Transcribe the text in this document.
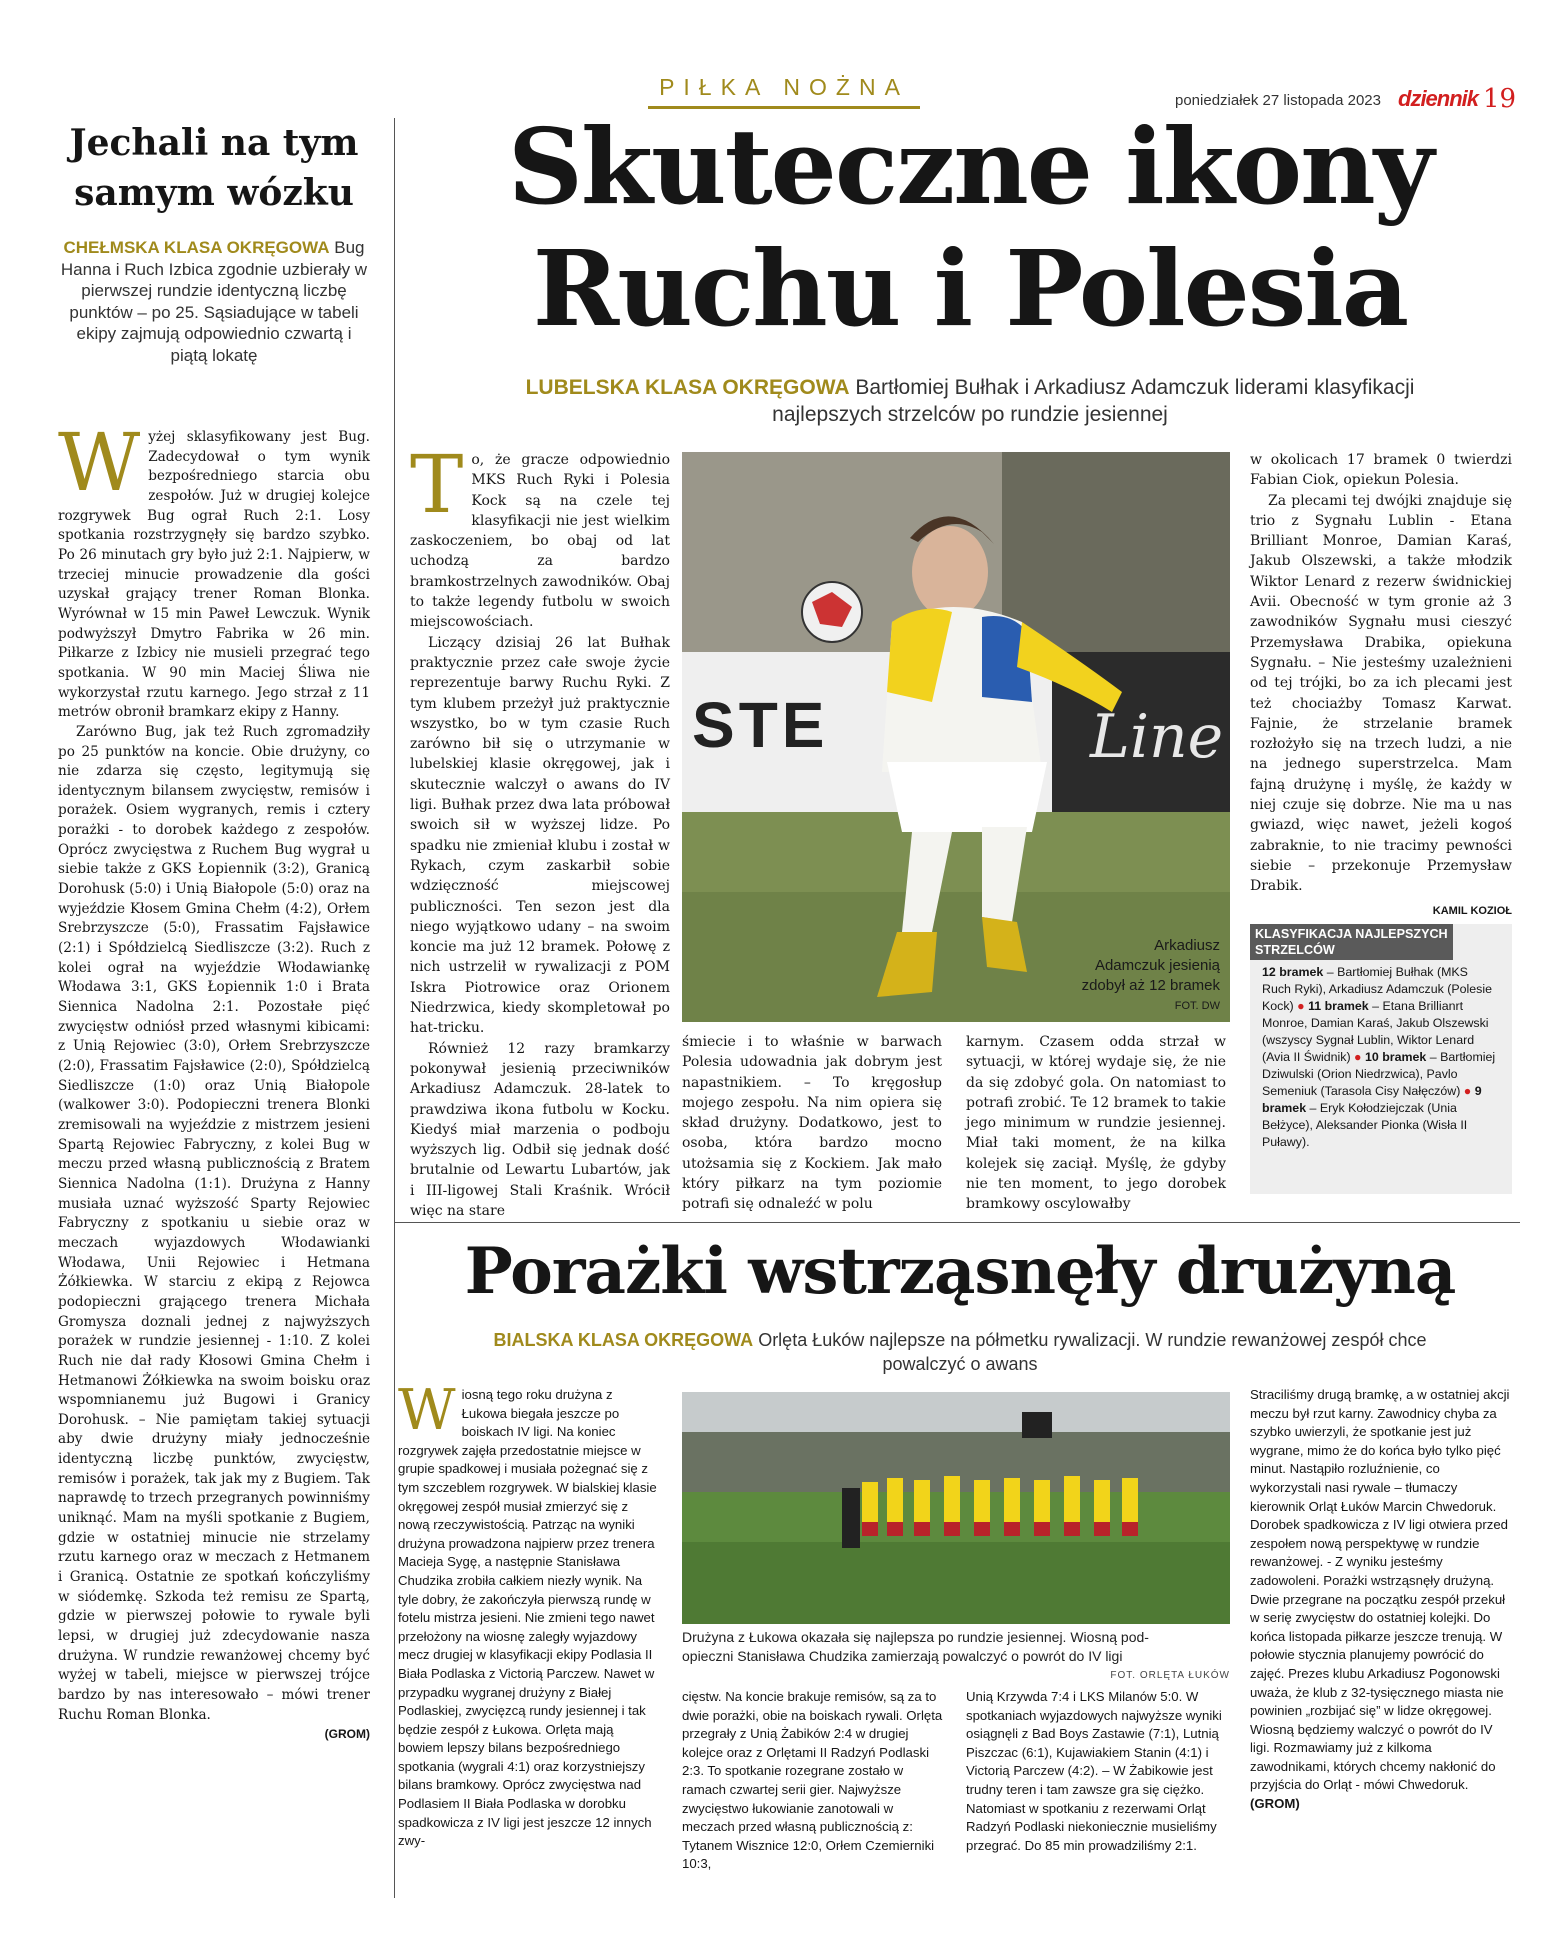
PIŁKA NOŻNA
poniedziałek 27 listopada 2023 dziennik 19
Jechali na tym samym wózku
CHEŁMSKA KLASA OKRĘGOWA Bug Hanna i Ruch Izbica zgodnie uzbierały w pierwszej rundzie identyczną liczbę punktów – po 25. Sąsiadujące w tabeli ekipy zajmują odpowiednio czwartą i piątą lokatę
W yżej sklasyfikowany jest Bug. Zadecydował o tym wynik bezpośredniego starcia obu zespołów. Już w drugiej kolejce rozgrywek Bug ograł Ruch 2:1. Losy spotkania rozstrzygnęły się bardzo szybko. Po 26 minutach gry było już 2:1. Najpierw, w trzeciej minucie prowadzenie dla gości uzyskał grający trener Roman Blonka. Wyrównał w 15 min Paweł Lewczuk. Wynik podwyższył Dmytro Fabrika w 26 min. Piłkarze z Izbicy nie musieli przegrać tego spotkania. W 90 min Maciej Śliwa nie wykorzystał rzutu karnego. Jego strzał z 11 metrów obronił bramkarz ekipy z Hanny.

Zarówno Bug, jak też Ruch zgromadziły po 25 punktów na koncie. Obie drużyny, co nie zdarza się często, legitymują się identycznym bilansem zwycięstw, remisów i porażek. Osiem wygranych, remis i cztery porażki - to dorobek każdego z zespołów. Oprócz zwycięstwa z Ruchem Bug wygrał u siebie także z GKS Łopiennik (3:2), Granicą Dorohusk (5:0) i Unią Białopole (5:0) oraz na wyjeździe Kłosem Gmina Chełm (4:2), Orłem Srebrzyszcze (5:0), Frassatim Fajsławice (2:1) i Spółdzielcą Siedliszcze (3:2). Ruch z kolei ograł na wyjeździe Włodawiankę Włodawa 3:1, GKS Łopiennik 1:0 i Brata Siennica Nadolna 2:1. Pozostałe pięć zwycięstw odniósł przed własnymi kibicami: z Unią Rejowiec (3:0), Orłem Srebrzyszcze (2:0), Frassatim Fajsławice (2:0), Spółdzielcą Siedliszcze (1:0) oraz Unią Białopole (walkower 3:0). Podopieczni trenera Blonki zremisowali na wyjeździe z mistrzem jesieni Spartą Rejowiec Fabryczny, z kolei Bug w meczu przed własną publicznością z Bratem Siennica Nadolna (1:1). Drużyna z Hanny musiała uznać wyższość Sparty Rejowiec Fabryczny z spotkaniu u siebie oraz w meczach wyjazdowych Włodawianki Włodawa, Unii Rejowiec i Hetmana Żółkiewka. W starciu z ekipą z Rejowca podopieczni grającego trenera Michała Gromysza doznali jednej z najwyższych porażek w rundzie jesiennej - 1:10. Z kolei Ruch nie dał rady Kłosowi Gmina Chełm i Hetmanowi Żółkiewka na swoim boisku oraz wspomnianemu już Bugowi i Granicy Dorohusk. – Nie pamiętam takiej sytuacji aby dwie drużyny miały jednocześnie identyczną liczbę punktów, zwycięstw, remisów i porażek, tak jak my z Bugiem. Tak naprawdę to trzech przegranych powinniśmy uniknąć. Mam na myśli spotkanie z Bugiem, gdzie w ostatniej minucie nie strzelamy rzutu karnego oraz w meczach z Hetmanem i Granicą. Ostatnie ze spotkań kończyliśmy w siódemkę. Szkoda też remisu ze Spartą, gdzie w pierwszej połowie to rywale byli lepsi, w drugiej już zdecydowanie nasza drużyna. W rundzie rewanżowej chcemy być wyżej w tabeli, miejsce w pierwszej trójce bardzo by nas interesowało – mówi trener Ruchu Roman Blonka.

(GROM)
Skuteczne ikony
Ruchu i Polesia
LUBELSKA KLASA OKRĘGOWA Bartłomiej Bułhak i Arkadiusz Adamczuk liderami klasyfikacji
najlepszych strzelców po rundzie jesiennej
T o, że gracze odpowiednio MKS Ruch Ryki i Polesia Kock są na czele tej klasyfikacji nie jest wielkim zaskoczeniem, bo obaj od lat uchodzą za bardzo bramkostrzelnych zawodników. Obaj to także legendy futbolu w swoich miejscowościach.

Liczący dzisiaj 26 lat Bułhak praktycznie przez całe swoje życie reprezentuje barwy Ruchu Ryki. Z tym klubem przeżył już praktycznie wszystko, bo w tym czasie Ruch zarówno bił się o utrzymanie w lubelskiej klasie okręgowej, jak i skutecznie walczył o awans do IV ligi. Bułhak przez dwa lata próbował swoich sił w wyższej lidze. Po spadku nie zmieniał klubu i został w Rykach, czym zaskarbił sobie wdzięczność miejscowej publiczności. Ten sezon jest dla niego wyjątkowo udany – na swoim koncie ma już 12 bramek. Połowę z nich ustrzelił w rywalizacji z POM Iskra Piotrowice oraz Orionem Niedrzwica, kiedy skompletował po hat-tricku.

Również 12 razy bramkarzy pokonywał jesienią przeciwników Arkadiusz Adamczuk. 28-latek to prawdziwa ikona futbolu w Kocku. Kiedyś miał marzenia o podboju wyższych lig. Odbił się jednak dość brutalnie od Lewartu Lubartów, jak i III-ligowej Stali Kraśnik. Wrócił więc na stare

STE	Line
Arkadiusz
Adamczuk jesienią
zdobył aż 12 bramek
FOT. DW

śmiecie i to właśnie w barwach Polesia udowadnia jak dobrym jest napastnikiem. – To kręgosłup mojego zespołu. Na nim opiera się skład drużyny. Dodatkowo, jest to osoba, która bardzo mocno utożsamia się z Kockiem. Jak mało który piłkarz na tym poziomie potrafi się odnaleźć w polu

karnym. Czasem odda strzał w sytuacji, w której wydaje się, że nie da się zdobyć gola. On natomiast to potrafi zrobić. Te 12 bramek to takie jego minimum w rundzie jesiennej. Miał taki moment, że na kilka kolejek się zaciął. Myślę, że gdyby nie ten moment, to jego dorobek bramkowy oscylowałby

w okolicach 17 bramek 0 twierdzi Fabian Ciok, opiekun Polesia.

Za plecami tej dwójki znajduje się trio z Sygnału Lublin - Etana Brilliant Monroe, Damian Karaś, Jakub Olszewski, a także młodzik Wiktor Lenard z rezerw świdnickiej Avii. Obecność w tym gronie aż 3 zawodników Sygnału musi cieszyć Przemysława Drabika, opiekuna Sygnału. – Nie jesteśmy uzależnieni od tej trójki, bo za ich plecami jest też chociażby Tomasz Karwat. Fajnie, że strzelanie bramek rozłożyło się na trzech ludzi, a nie na jednego superstrzelca. Mam fajną drużynę i myślę, że każdy w niej czuje się dobrze. Nie ma u nas gwiazd, więc nawet, jeżeli kogoś zabraknie, to nie tracimy pewności siebie – przekonuje Przemysław Drabik.

KAMIL KOZIOŁ
KLASYFIKACJA NAJLEPSZYCH
STRZELCÓW
12 bramek – Bartłomiej Bułhak (MKS Ruch Ryki), Arkadiusz Adamczuk (Polesie Kock) ● 11 bramek – Etana Brillianrt Monroe, Damian Karaś, Jakub Olszewski (wszyscy Sygnał Lublin, Wiktor Lenard (Avia II Świdnik) ● 10 bramek – Bartłomiej Dziwulski (Orion Niedrzwica), Pavlo Semeniuk (Tarasola Cisy Nałęczów) ● 9 bramek – Eryk Kołodziejczak (Unia Bełżyce), Aleksander Pionka (Wisła II Puławy).
Porażki wstrząsnęły drużyną
BIALSKA KLASA OKRĘGOWA Orlęta Łuków najlepsze na półmetku rywalizacji. W rundzie rewanżowej zespół chce
powalczyć o awans
W iosną tego roku drużyna z Łukowa biegała jeszcze po boiskach IV ligi. Na koniec rozgrywek zajęła przedostatnie miejsce w grupie spadkowej i musiała pożegnać się z tym szczeblem rozgrywek. W bialskiej klasie okręgowej zespół musiał zmierzyć się z nową rzeczywistością. Patrząc na wyniki drużyna prowadzona najpierw przez trenera Macieja Sygę, a następnie Stanisława Chudzika zrobiła całkiem niezły wynik. Na tyle dobry, że zakończyła pierwszą rundę w fotelu mistrza jesieni. Nie zmieni tego nawet przełożony na wiosnę zaległy wyjazdowy mecz drugiej w klasyfikacji ekipy Podlasia II Biała Podlaska z Victorią Parczew. Nawet w przypadku wygranej drużyny z Białej Podlaskiej, zwycięzcą rundy jesiennej i tak będzie zespół z Łukowa. Orlęta mają bowiem lepszy bilans bezpośredniego spotkania (wygrali 4:1) oraz korzystniejszy bilans bramkowy. Oprócz zwycięstwa nad Podlasiem II Biała Podlaska w dorobku spadkowicza z IV ligi jest jeszcze 12 innych zwy-

Drużyna z Łukowa okazała się najlepsza po rundzie jesiennej. Wiosną pod-
opieczni Stanisława Chudzika zamierzają powalczyć o powrót do IV ligi
FOT. ORLĘTA ŁUKÓW

cięstw. Na koncie brakuje remisów, są za to dwie porażki, obie na boiskach rywali. Orlęta przegrały z Unią Żabików 2:4 w drugiej kolejce oraz z Orlętami II Radzyń Podlaski 2:3. To spotkanie rozegrane zostało w ramach czwartej serii gier. Najwyższe zwycięstwo łukowianie zanotowali w meczach przed własną publicznością z: Tytanem Wisznice 12:0, Orłem Czemierniki 10:3,

Unią Krzywda 7:4 i LKS Milanów 5:0. W spotkaniach wyjazdowych najwyższe wyniki osiągnęli z Bad Boys Zastawie (7:1), Lutnią Piszczac (6:1), Kujawiakiem Stanin (4:1) i Victorią Parczew (4:2). – W Żabikowie jest trudny teren i tam zawsze gra się ciężko. Natomiast w spotkaniu z rezerwami Orląt Radzyń Podlaski niekoniecznie musieliśmy przegrać. Do 85 min prowadziliśmy 2:1.

Straciliśmy drugą bramkę, a w ostatniej akcji meczu był rzut karny. Zawodnicy chyba za szybko uwierzyli, że spotkanie jest już wygrane, mimo że do końca było tylko pięć minut. Nastąpiło rozluźnienie, co wykorzystali nasi rywale – tłumaczy kierownik Orląt Łuków Marcin Chwedoruk. Dorobek spadkowicza z IV ligi otwiera przed zespołem nową perspektywę w rundzie rewanżowej. - Z wyniku jesteśmy zadowoleni. Porażki wstrząsnęły drużyną. Dwie przegrane na początku zespół przekuł w serię zwycięstw do ostatniej kolejki. Do końca listopada piłkarze jeszcze trenują. W połowie stycznia planujemy powrócić do zajęć. Prezes klubu Arkadiusz Pogonowski uważa, że klub z 32-tysięcznego miasta nie powinien „rozbijać się” w lidze okręgowej. Wiosną będziemy walczyć o powrót do IV ligi. Rozmawiamy już z kilkoma zawodnikami, których chcemy nakłonić do przyjścia do Orląt - mówi Chwedoruk. (GROM)
